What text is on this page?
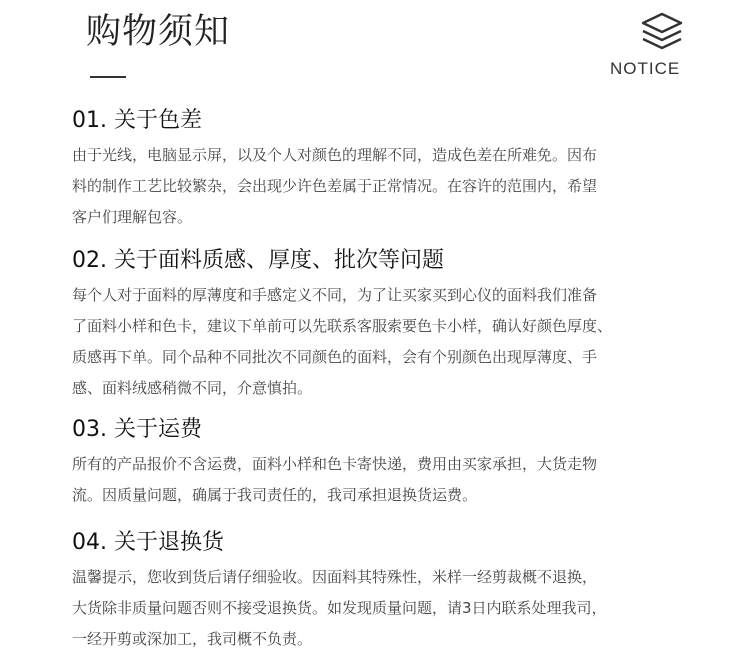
购物须知
NOTICE
01. 关于色差

由于光线，电脑显示屏，以及个人对颜色的理解不同，造成色差在所难免。因布
料的制作工艺比较繁杂，会出现少许色差属于正常情况。在容许的范围内，希望
客户们理解包容。

02. 关于面料质感、厚度、批次等问题

每个人对于面料的厚薄度和手感定义不同，为了让买家买到心仪的面料我们准备
了面料小样和色卡，建议下单前可以先联系客服索要色卡小样，确认好颜色厚度、
质感再下单。同个品种不同批次不同颜色的面料，会有个别颜色出现厚薄度、手
感、面料绒感稍微不同，介意慎拍。

03. 关于运费

所有的产品报价不含运费，面料小样和色卡寄快递，费用由买家承担，大货走物
流。因质量问题，确属于我司责任的，我司承担退换货运费。

04. 关于退换货

温馨提示，您收到货后请仔细验收。因面料其特殊性，米样一经剪裁概不退换，
大货除非质量问题否则不接受退换货。如发现质量问题，请3日内联系处理我司，
一经开剪或深加工，我司概不负责。
